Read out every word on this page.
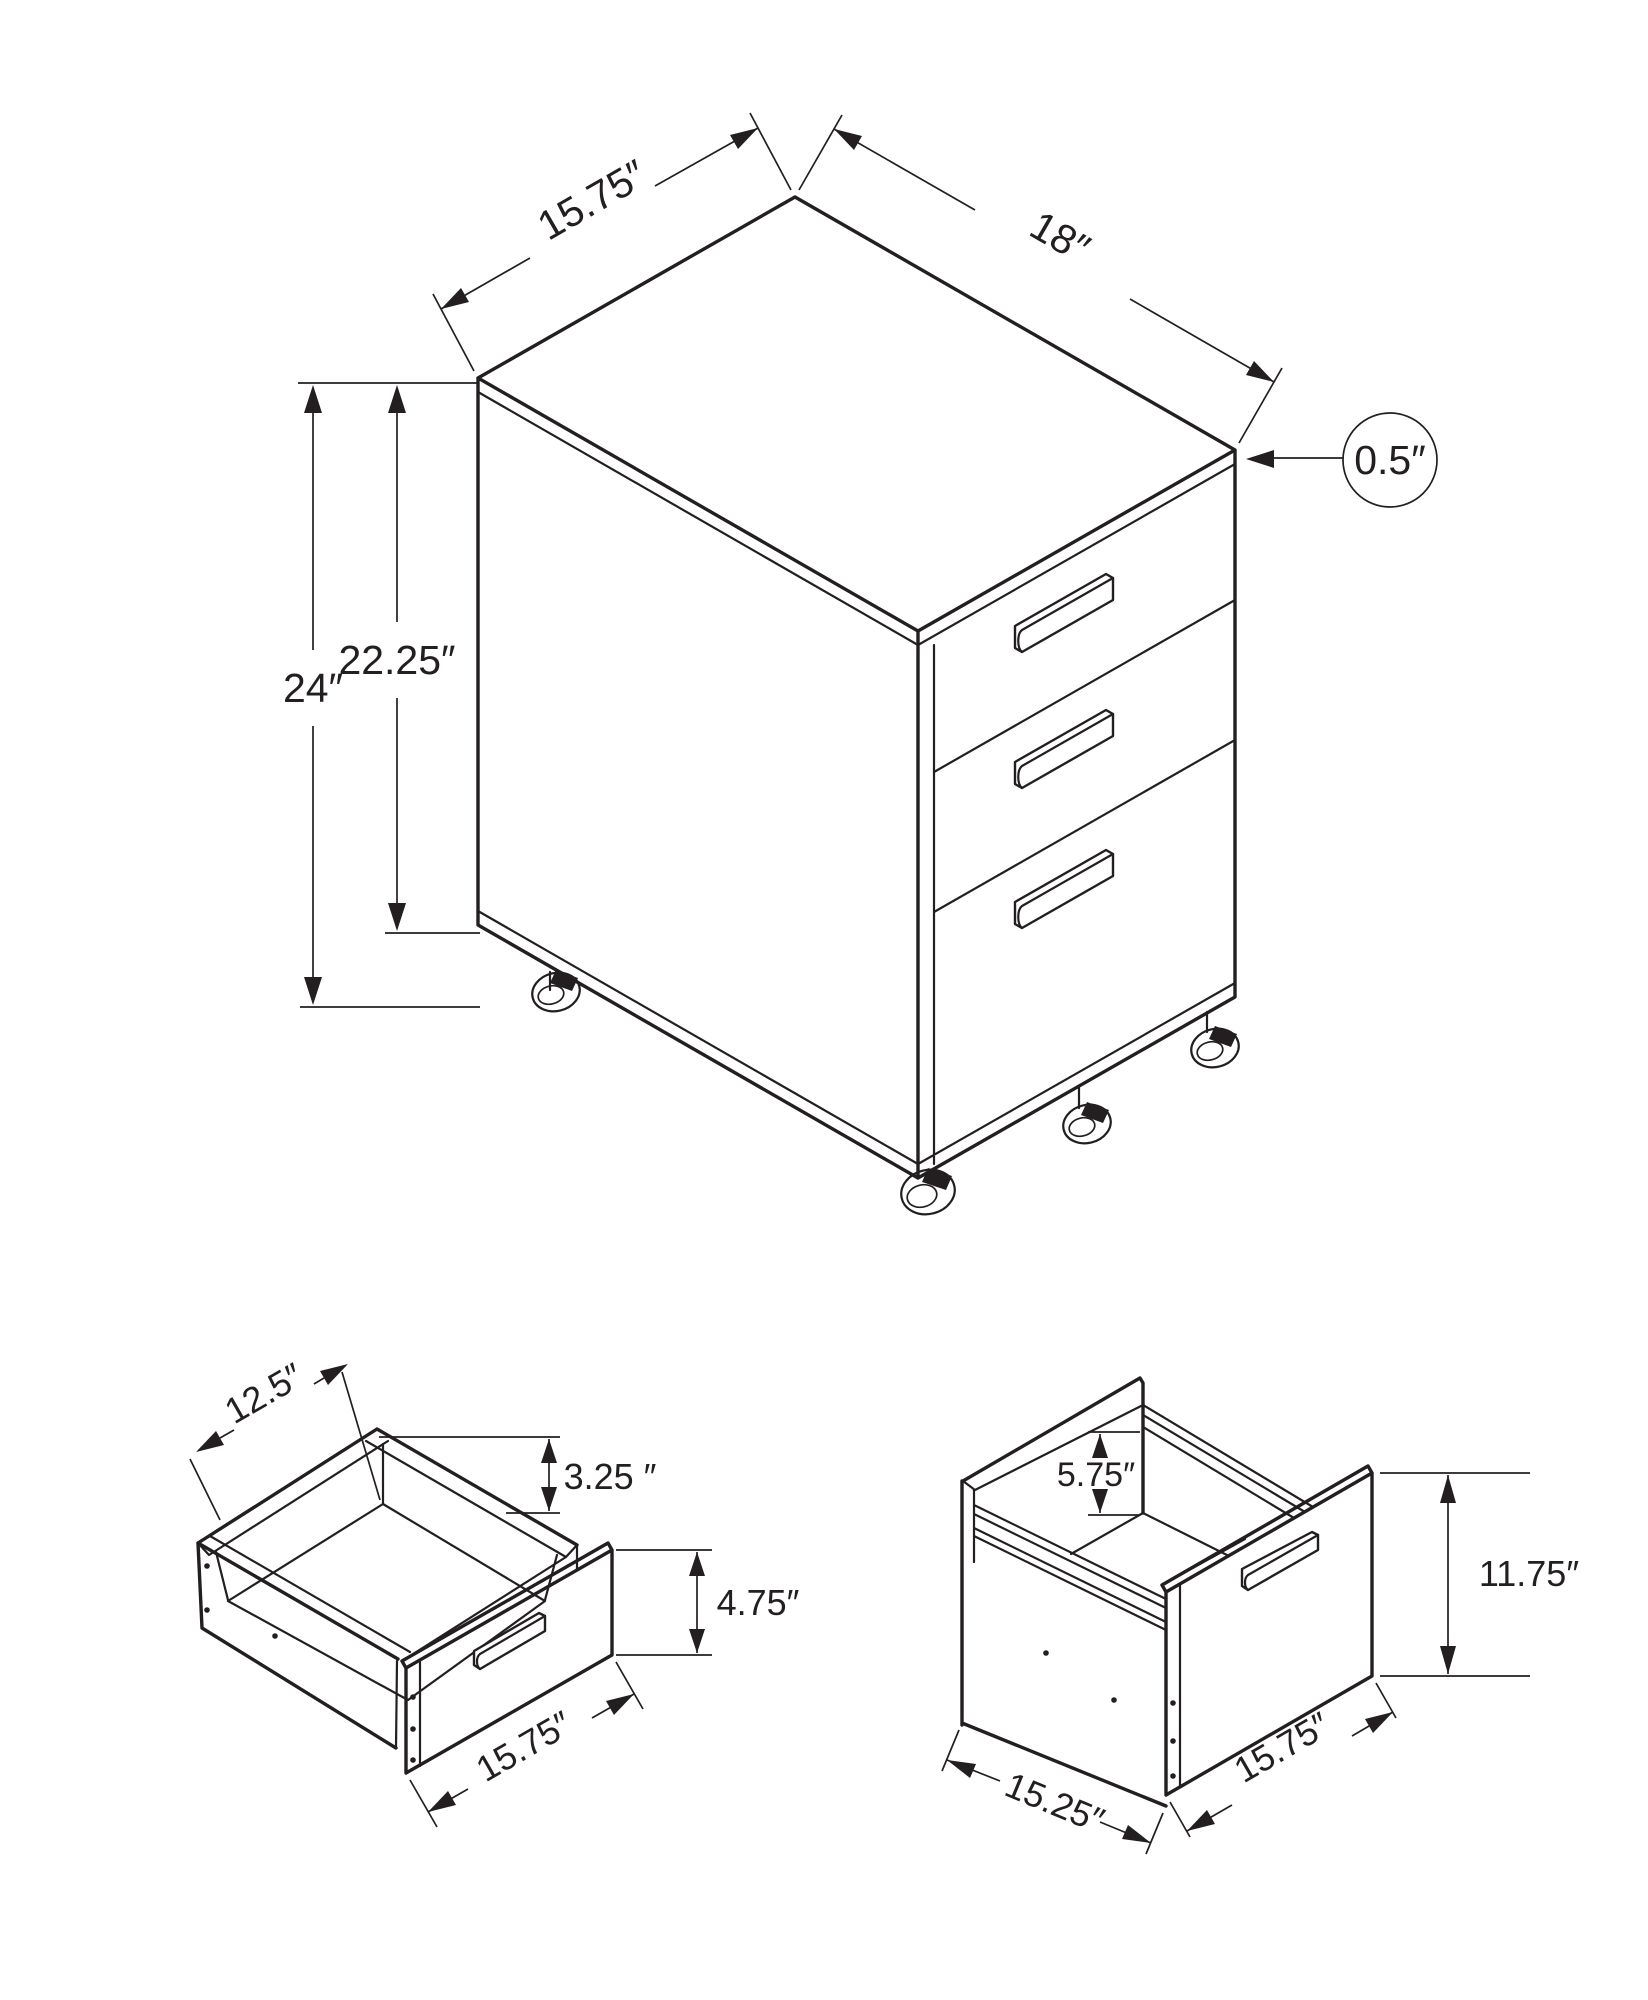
15.75″	18″
0.5″
24″
22.25″
12.5″
3.25 ″
4.75″
15.75″
5.75″
11.75″
15.25″
15.75″
